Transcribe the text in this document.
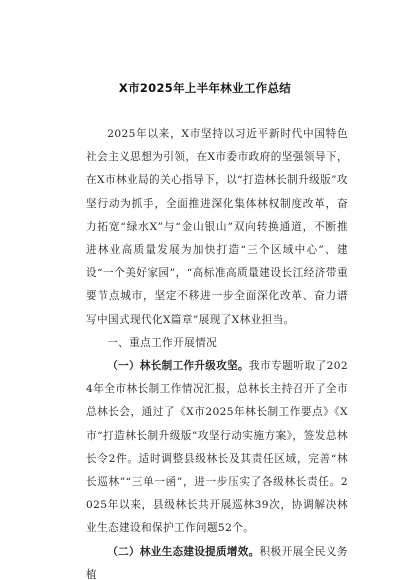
X市2025年上半年林业工作总结

2025年以来，X市坚持以习近平新时代中国特色社会主义思想为引领，在X市委市政府的坚强领导下，在X市林业局的关心指导下，以“打造林长制升级版”攻坚行动为抓手，全面推进深化集体林权制度改革，奋力拓宽“绿水X”与“金山银山”双向转换通道，不断推进林业高质量发展为加快打造“三个区域中心”、建设“一个美好家园”，“高标准高质量建设长江经济带重要节点城市，坚定不移进一步全面深化改革、奋力谱写中国式现代化X篇章”展现了X林业担当。

一、重点工作开展情况

（一）林长制工作升级攻坚。我市专题听取了2024年全市林长制工作情况汇报，总林长主持召开了全市总林长会，通过了《X市2025年林长制工作要点》《X市“打造林长制升级版”攻坚行动实施方案》，签发总林长令2件。适时调整县级林长及其责任区域，完善“林长巡林”“三单一函”，进一步压实了各级林长责任。2025年以来，县级林长共开展巡林39次，协调解决林业生态建设和保护工作问题52个。

（二）林业生态建设提质增效。积极开展全民义务植
